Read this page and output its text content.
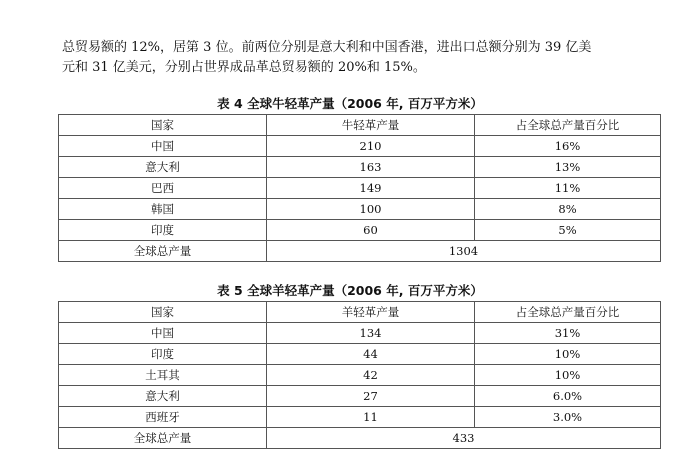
总贸易额的 12%，居第 3 位。前两位分别是意大利和中国香港，进出口总额分别为 39 亿美
元和 31 亿美元，分别占世界成品革总贸易额的 20%和 15%。
表 4 全球牛轻革产量（2006 年, 百万平方米）
国家	牛轻革产量	占全球总产量百分比
中国	210	16%
意大利	163	13%
巴西	149	11%
韩国	100	8%
印度	60	5%
全球总产量	1304	
表 5 全球羊轻革产量（2006 年, 百万平方米）
国家	羊轻革产量	占全球总产量百分比
中国	134	31%
印度	44	10%
土耳其	42	10%
意大利	27	6.0%
西班牙	11	3.0%
全球总产量	433	
